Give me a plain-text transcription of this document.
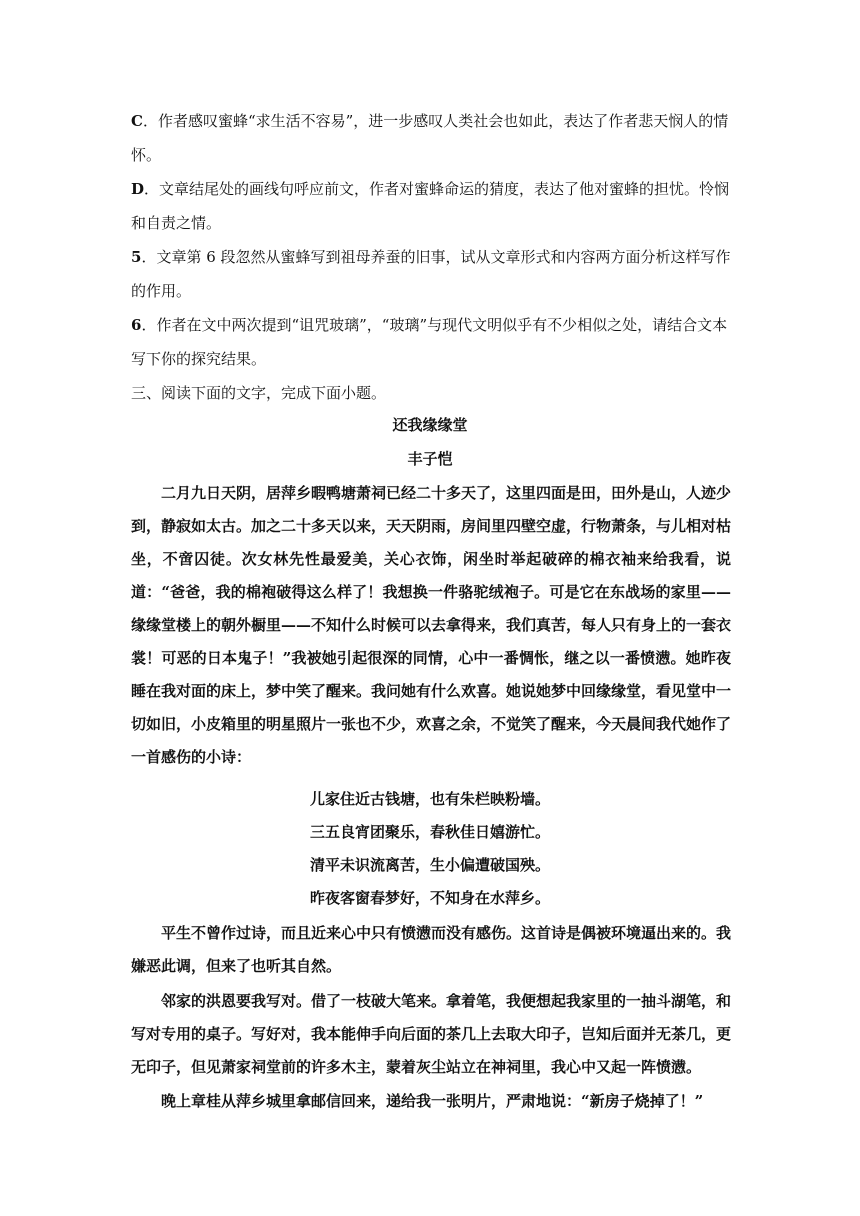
C．作者感叹蜜蜂“求生活不容易”，进一步感叹人类社会也如此，表达了作者悲天悯人的情怀。

D．文章结尾处的画线句呼应前文，作者对蜜蜂命运的猜度，表达了他对蜜蜂的担忧。怜悯和自责之情。

5．文章第 6 段忽然从蜜蜂写到祖母养蚕的旧事，试从文章形式和内容两方面分析这样写作的作用。

6．作者在文中两次提到“诅咒玻璃”，“玻璃”与现代文明似乎有不少相似之处，请结合文本写下你的探究结果。

三、阅读下面的文字，完成下面小题。
还我缘缘堂
丰子恺
二月九日天阴，居萍乡暇鸭塘萧祠已经二十多天了，这里四面是田，田外是山，人迹少到，静寂如太古。加之二十多天以来，天天阴雨，房间里四壁空虚，行物萧条，与儿相对枯坐，不啻囚徒。次女林先性最爱美，关心衣饰，闲坐时举起破碎的棉衣袖来给我看，说道：“爸爸，我的棉袍破得这么样了！我想换一件骆驼绒袍子。可是它在东战场的家里——缘缘堂楼上的朝外橱里——不知什么时候可以去拿得来，我们真苦，每人只有身上的一套衣裳！可恶的日本鬼子！”我被她引起很深的同情，心中一番惆怅，继之以一番愤懑。她昨夜睡在我对面的床上，梦中笑了醒来。我问她有什么欢喜。她说她梦中回缘缘堂，看见堂中一切如旧，小皮箱里的明星照片一张也不少，欢喜之余，不觉笑了醒来，今天晨间我代她作了一首感伤的小诗：
儿家住近古钱塘，也有朱栏映粉墙。
三五良宵团聚乐，春秋佳日嬉游忙。
清平未识流离苦，生小偏遭破国殃。
昨夜客窗春梦好，不知身在水萍乡。
平生不曾作过诗，而且近来心中只有愤懑而没有感伤。这首诗是偶被环境逼出来的。我嫌恶此调，但来了也听其自然。
邻家的洪恩要我写对。借了一枝破大笔来。拿着笔，我便想起我家里的一抽斗湖笔，和写对专用的桌子。写好对，我本能伸手向后面的茶几上去取大印子，岂知后面并无茶几，更无印子，但见萧家祠堂前的许多木主，蒙着灰尘站立在神祠里，我心中又起一阵愤懑。
晚上章桂从萍乡城里拿邮信回来，递给我一张明片，严肃地说：“新房子烧掉了！”
